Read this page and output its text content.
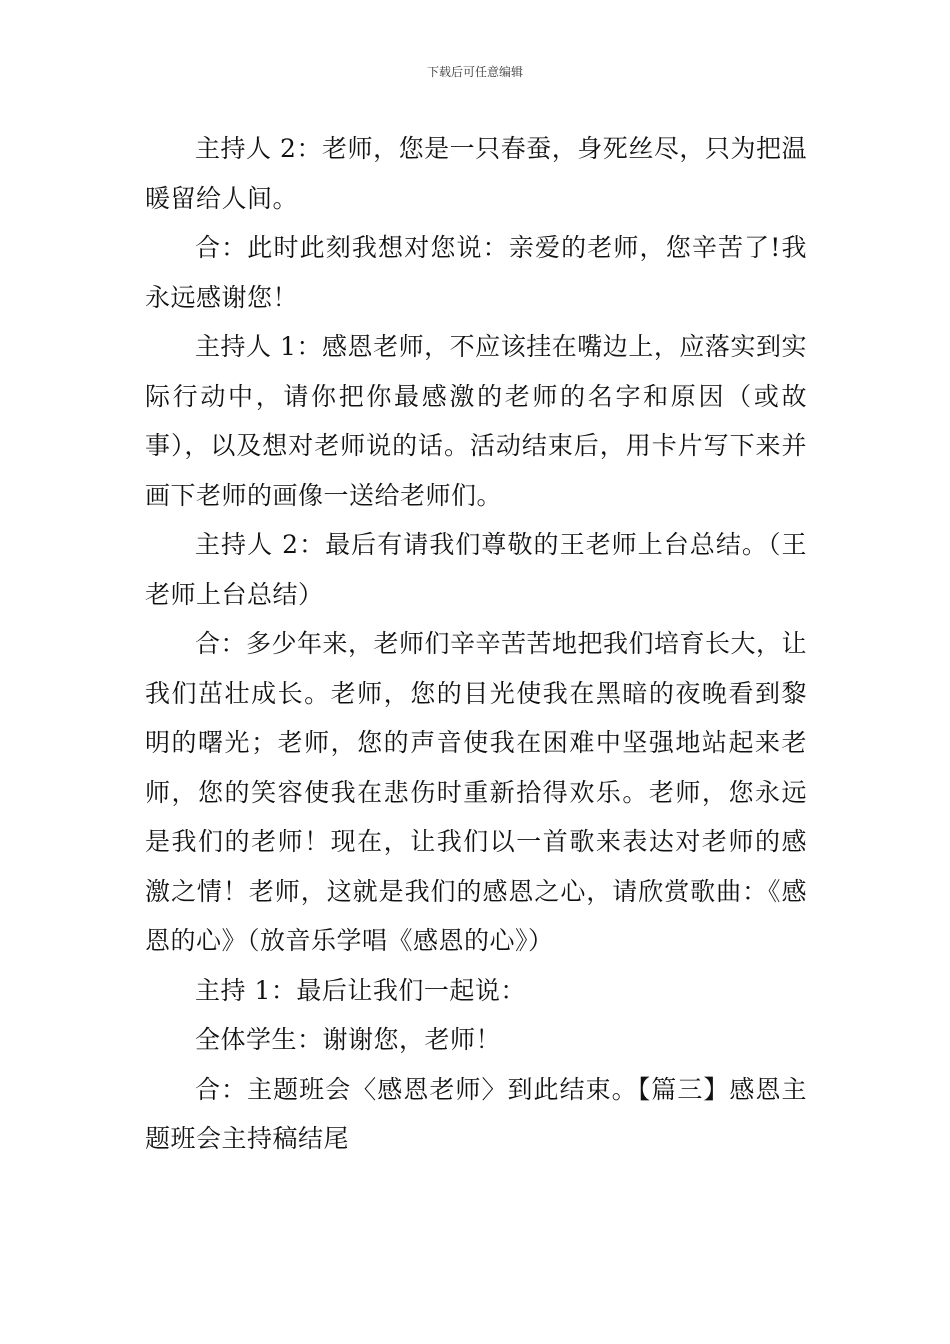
下载后可任意编辑

主持人 2：老师，您是一只春蚕，身死丝尽，只为把温暖留给人间。

合：此时此刻我想对您说：亲爱的老师，您辛苦了!我永远感谢您！

主持人 1：感恩老师，不应该挂在嘴边上，应落实到实际行动中，请你把你最感激的老师的名字和原因（或故事），以及想对老师说的话。活动结束后，用卡片写下来并画下老师的画像一送给老师们。

主持人 2：最后有请我们尊敬的王老师上台总结。（王老师上台总结）

合：多少年来，老师们辛辛苦苦地把我们培育长大，让我们茁壮成长。老师，您的目光使我在黑暗的夜晚看到黎明的曙光；老师，您的声音使我在困难中坚强地站起来老师，您的笑容使我在悲伤时重新拾得欢乐。老师，您永远是我们的老师！现在，让我们以一首歌来表达对老师的感激之情！老师，这就是我们的感恩之心，请欣赏歌曲：《感恩的心》（放音乐学唱《感恩的心》）

主持 1：最后让我们一起说：

全体学生：谢谢您，老师！

合：主题班会〈感恩老师〉到此结束。【篇三】感恩主题班会主持稿结尾
